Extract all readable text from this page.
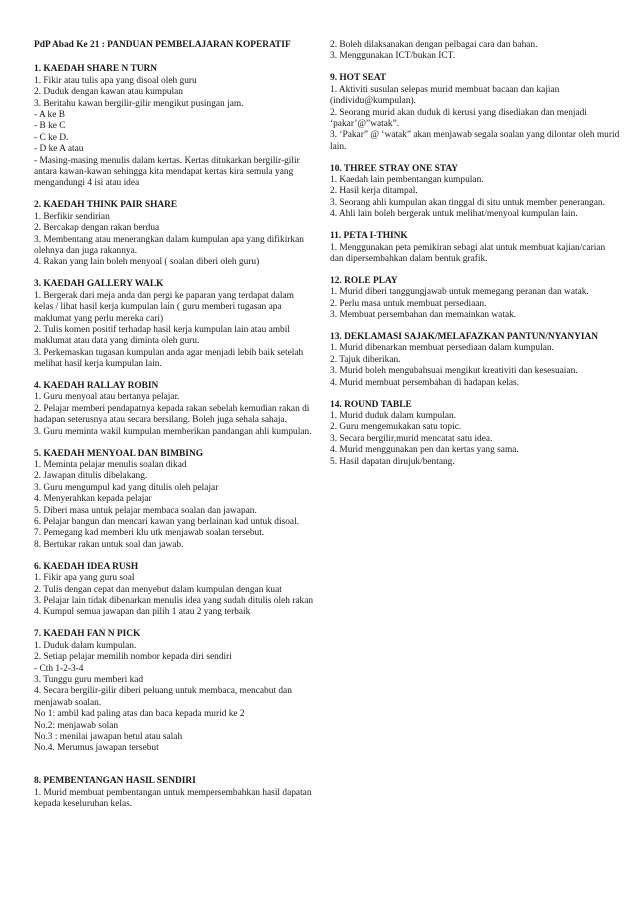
PdP Abad Ke 21 : PANDUAN PEMBELAJARAN KOPERATIF

1. KAEDAH SHARE N TURN

1. Fikir atau tulis apa yang disoal oleh guru

2. Duduk dengan kawan atau kumpulan

3. Beritahu kawan bergilir-gilir mengikut pusingan jam.

- A ke B

- B ke C

- C ke D.

- D ke A atau

- Masing-masing menulis dalam kertas. Kertas ditukarkan bergilir-gilir antara kawan-kawan sehingga kita mendapat kertas kira semula yang mengandungi 4 isi atau idea

2. KAEDAH THINK PAIR SHARE

1. Berfikir sendirian

2. Bercakap dengan rakan berdua

3. Membentang atau menerangkan dalam kumpulan apa yang difikirkan olehnya dan juga rakannya.

4. Rakan yang lain boleh menyoal ( soalan diberi oleh guru)

3. KAEDAH GALLERY WALK

1. Bergerak dari meja anda dan pergi ke paparan yang terdapat dalam kelas / lihat hasil kerja kumpulan lain ( guru memberi tugasan apa maklumat yang perlu mereka cari)

2. Tulis komen positif terhadap hasil kerja kumpulan lain atau ambil maklumat atau data yang diminta oleh guru.

3. Perkemaskan tugasan kumpulan anda agar menjadi lebih baik setelah melihat hasil kerja kumpulan lain.

4. KAEDAH RALLAY ROBIN

1. Guru menyoal atau bertanya pelajar.

2. Pelajar memberi pendapatnya kepada rakan sebelah kemudian rakan di hadapan seterusnya atau secara bersilang. Boleh juga sehala sahaja.

3. Guru meminta wakil kumpulan memberikan pandangan ahli kumpulan.

5. KAEDAH MENYOAL DAN BIMBING

1. Meminta pelajar menulis soalan dikad

2. Jawapan ditulis dibelakang.

3. Guru mengumpul kad yang ditulis oleh pelajar

4. Menyerahkan kepada pelajar

5. Diberi masa untuk pelajar membaca soalan dan jawapan.

6. Pelajar bangun dan mencari kawan yang berlainan kad untuk disoal.

7. Pemegang kad memberi klu utk menjawab soalan tersebut.

8. Bertukar rakan untuk soal dan jawab.

6. KAEDAH IDEA RUSH

1. Fikir apa yang guru soal

2. Tulis dengan cepat dan menyebut dalam kumpulan dengan kuat

3. Pelajar lain tidak dibenarkan menulis idea yang sudah ditulis oleh rakan

4. Kumpul semua jawapan dan pilih 1 atau 2 yang terbaik

7. KAEDAH FAN N PICK

1. Duduk dalam kumpulan.

2. Setiap pelajar memilih nombor kepada diri sendiri

- Cth 1-2-3-4

3. Tunggu guru memberi kad

4. Secara bergilir-gilir diberi peluang untuk membaca, mencabut dan menjawab soalan.

No 1: ambil kad paling atas dan baca kepada murid ke 2

No.2: menjawab solan

No.3 : menilai jawapan betul atau salah

No.4. Merumus jawapan tersebut

8. PEMBENTANGAN HASIL SENDIRI

1. Murid membuat pembentangan untuk mempersembahkan hasil dapatan kepada keseluruhan kelas.

2. Boleh dilaksanakan dengan pelbagai cara dan bahan.

3. Menggunakan ICT/bukan ICT.

9. HOT SEAT

1. Aktiviti susulan selepas murid membuat bacaan dan kajian (individu@kumpulan).

2. Seorang murid akan duduk di kerusi yang disediakan dan menjadi ‘pakar’@”watak”.

3. ‘Pakar” @ ‘watak” akan menjawab segala soalan yang dilontar oleh murid lain.

10. THREE STRAY ONE STAY

1. Kaedah lain pembentangan kumpulan.

2. Hasil kerja ditampal.

3. Seorang ahli kumpulan akan tinggal di situ untuk member penerangan.

4. Ahli lain boleh bergerak untuk melihat/menyoal kumpulan lain.

11. PETA I-THINK

1. Menggunakan peta pemikiran sebagi alat untuk membuat kajian/carian dan dipersembahkan dalam bentuk grafik.

12. ROLE PLAY

1. Murid diberi tanggungjawab untuk memegang peranan dan watak.

2. Perlu masa untuk membuat persediaan.

3. Membuat persembahan dan memainkan watak.

13. DEKLAMASI SAJAK/MELAFAZKAN PANTUN/NYANYIAN

1. Murid dibenarkan membuat persediaan dalam kumpulan.

2. Tajuk diberikan.

3. Murid boleh mengubahsuai mengikut kreativiti dan kesesuaian.

4. Murid membuat persembahan di hadapan kelas.

14. ROUND TABLE

1. Murid duduk dalam kumpulan.

2. Guru mengemukakan satu topic.

3. Secara bergilir,murid mencatat satu idea.

4. Murid menggunakan pen dan kertas yang sama.

5. Hasil dapatan dirujuk/bentang.
